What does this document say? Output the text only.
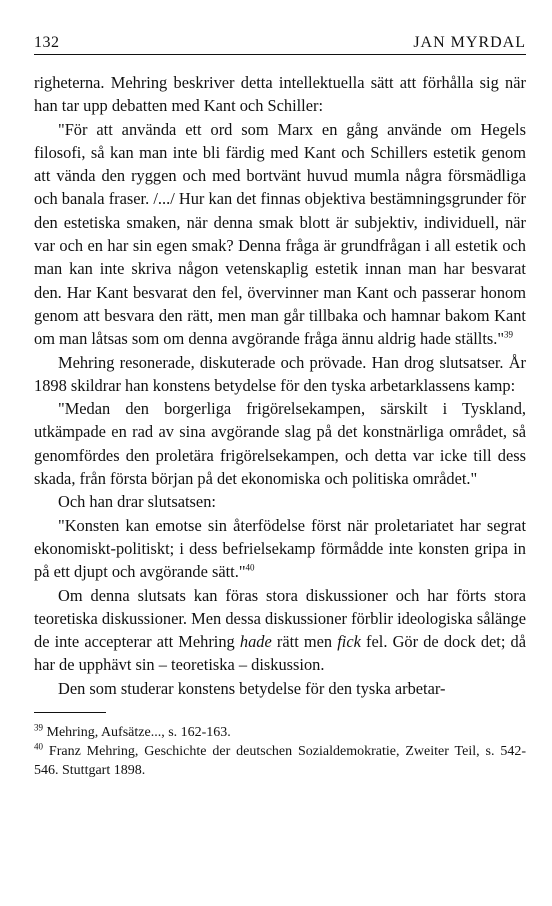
132	JAN MYRDAL

righeterna. Mehring beskriver detta intellektuella sätt att förhålla sig när han tar upp debatten med Kant och Schiller:

"För att använda ett ord som Marx en gång använde om Hegels filosofi, så kan man inte bli färdig med Kant och Schillers estetik genom att vända den ryggen och med bortvänt huvud mumla några försmädliga och banala fraser. /.../ Hur kan det finnas objektiva bestämningsgrunder för den estetiska smaken, när denna smak blott är subjektiv, individuell, när var och en har sin egen smak? Denna fråga är grundfrågan i all estetik och man kan inte skriva någon vetenskaplig estetik innan man har besvarat den. Har Kant besvarat den fel, övervinner man Kant och passerar honom genom att besvara den rätt, men man går tillbaka och hamnar bakom Kant om man låtsas som om denna avgörande fråga ännu aldrig hade ställts."$^{39}$

Mehring resonerade, diskuterade och prövade. Han drog slutsatser. År 1898 skildrar han konstens betydelse för den tyska arbetarklassens kamp:

"Medan den borgerliga frigörelsekampen, särskilt i Tyskland, utkämpade en rad av sina avgörande slag på det konstnärliga området, så genomfördes den proletära frigörelsekampen, och detta var icke till dess skada, från första början på det ekonomiska och politiska området."

Och han drar slutsatsen:

"Konsten kan emotse sin återfödelse först när proletariatet har segrat ekonomiskt-politiskt; i dess befrielsekamp förmådde inte konsten gripa in på ett djupt och avgörande sätt."$^{40}$

Om denna slutsats kan föras stora diskussioner och har förts stora teoretiska diskussioner. Men dessa diskussioner förblir ideologiska sålänge de inte accepterar att Mehring hade rätt men fick fel. Gör de dock det; då har de upphävt sin – teoretiska – diskussion.

Den som studerar konstens betydelse för den tyska arbetar-

$^{39}$ Mehring, Aufsätze..., s. 162-163.

$^{40}$ Franz Mehring, Geschichte der deutschen Sozialdemokratie, Zweiter Teil, s. 542-546. Stuttgart 1898.
